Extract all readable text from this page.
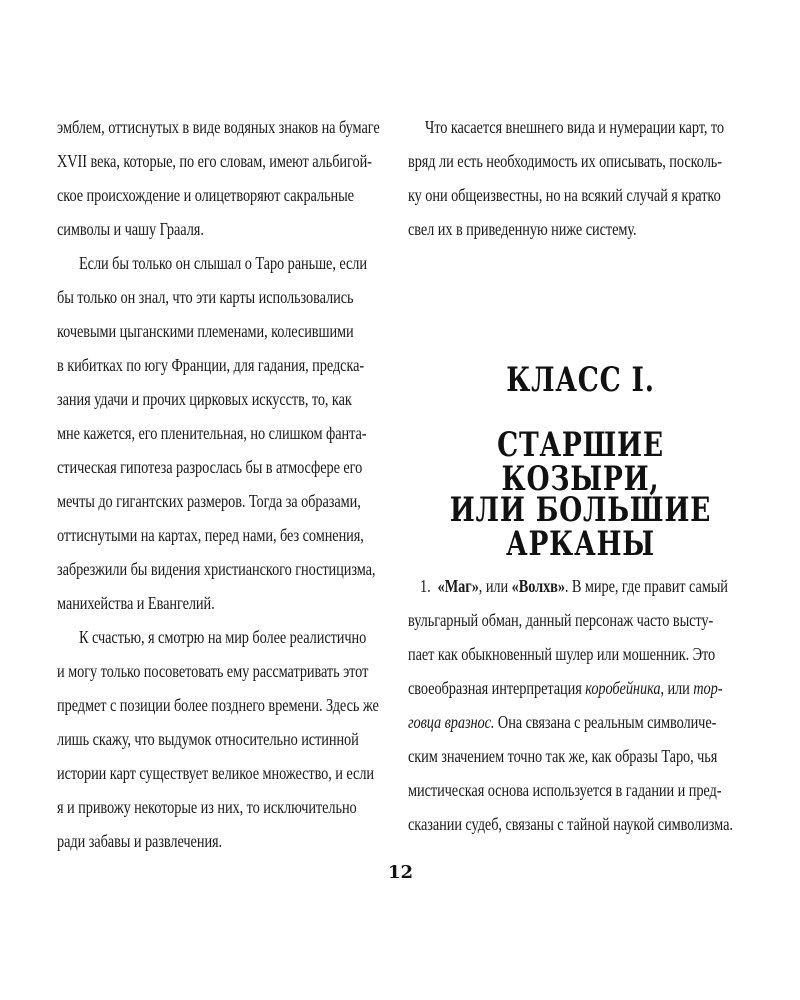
эмблем, оттиснутых в виде водяных знаков на бумаге
XVII века, которые, по его словам, имеют альбигой-
ское происхождение и олицетворяют сакральные
символы и чашу Грааля.
Если бы только он слышал о Таро раньше, если
бы только он знал, что эти карты использовались
кочевыми цыганскими племенами, колесившими
в кибитках по югу Франции, для гадания, предска-
зания удачи и прочих цирковых искусств, то, как
мне кажется, его пленительная, но слишком фанта-
стическая гипотеза разрослась бы в атмосфере его
мечты до гигантских размеров. Тогда за образами,
оттиснутыми на картах, перед нами, без сомнения,
забрезжили бы видения христианского гностицизма,
манихейства и Евангелий.
К счастью, я смотрю на мир более реалистично
и могу только посоветовать ему рассматривать этот
предмет с позиции более позднего времени. Здесь же
лишь скажу, что выдумок относительно истинной
истории карт существует великое множество, и если
я и привожу некоторые из них, то исключительно
ради забавы и развлечения.
Что касается внешнего вида и нумерации карт, то
вряд ли есть необходимость их описывать, посколь-
ку они общеизвестны, но на всякий случай я кратко
свел их в приведенную ниже систему.
КЛАСС I.
СТАРШИЕ КОЗЫРИ,
ИЛИ БОЛЬШИЕ АРКАНЫ
1. «Маг», или «Волхв». В мире, где правит самый
вульгарный обман, данный персонаж часто высту-
пает как обыкновенный шулер или мошенник. Это
своеобразная интерпретация коробейника, или тор-
говца вразнос. Она связана с реальным символиче-
ским значением точно так же, как образы Таро, чья
мистическая основа используется в гадании и пред-
сказании судеб, связаны с тайной наукой символизма.
12
